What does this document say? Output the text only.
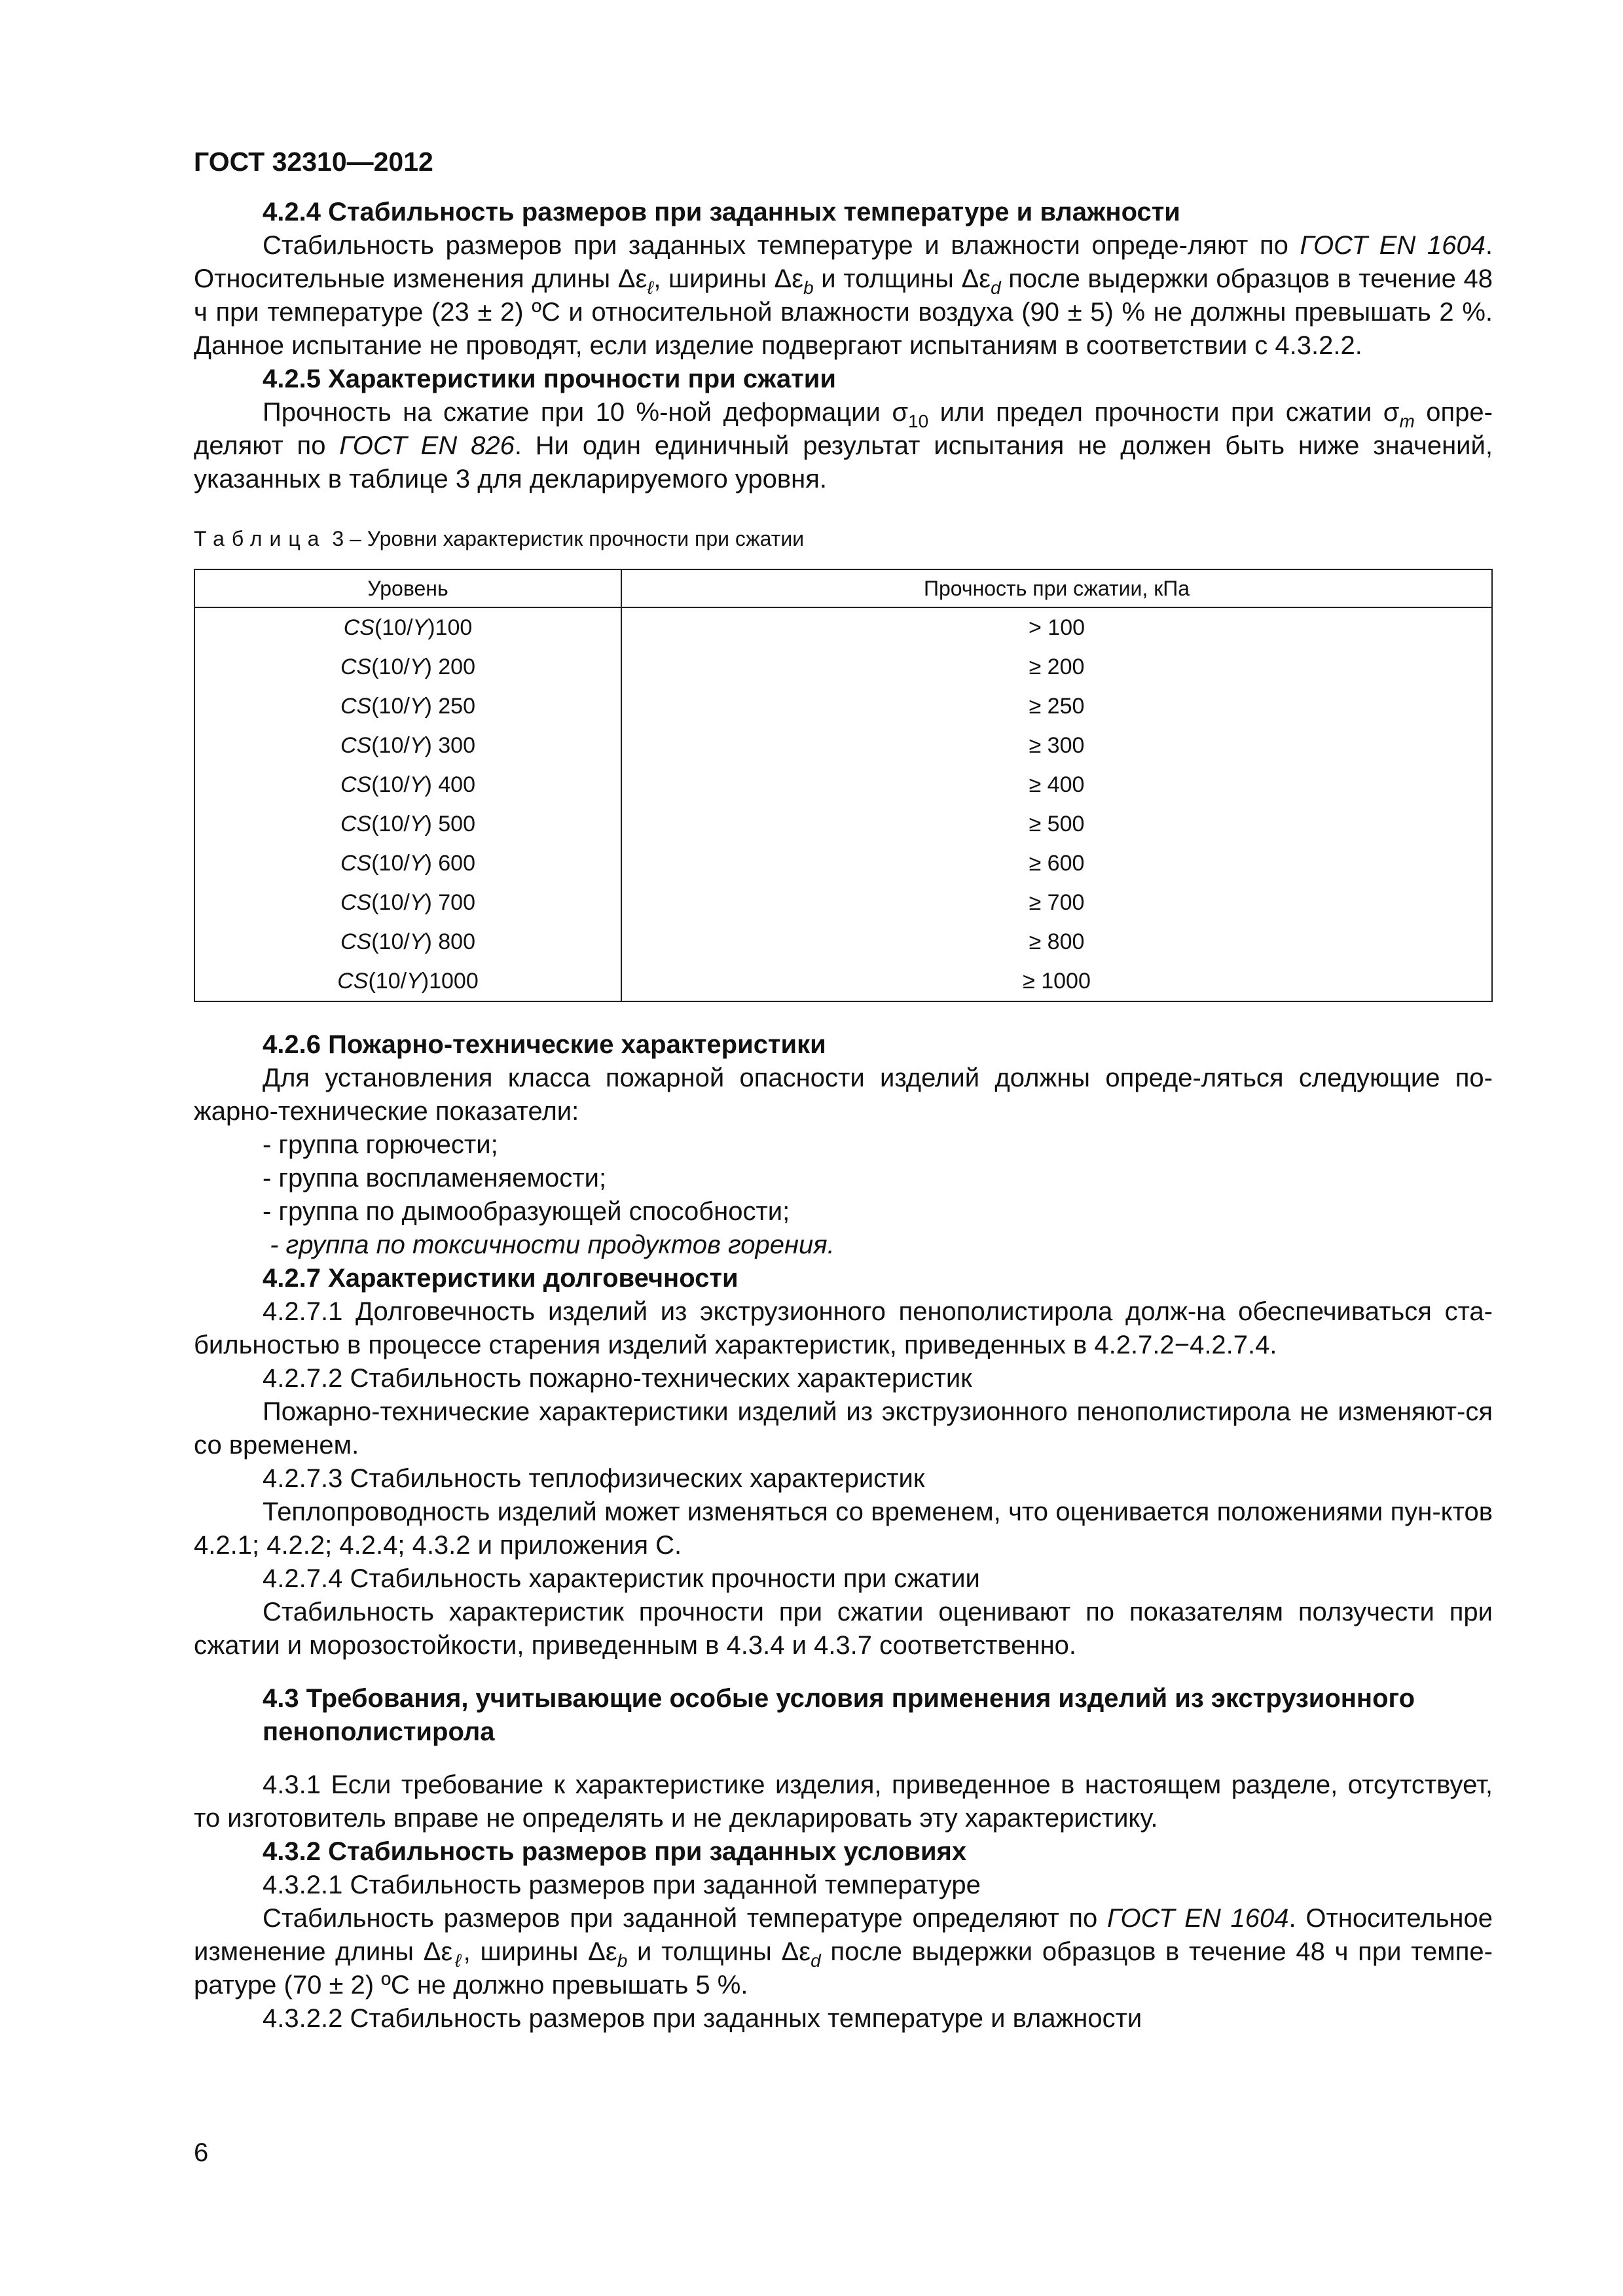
ГОСТ 32310—2012

4.2.4 Стабильность размеров при заданных температуре и влажности

Стабильность размеров при заданных температуре и влажности опреде-ляют по ГОСТ EN 1604. Относительные изменения длины $\Delta\varepsilon_\ell$, ширины $\Delta\varepsilon_b$ и толщины $\Delta\varepsilon_d$ после выдержки образцов в течение 48 ч при температуре (23 ± 2) ºС и относительной влажности воздуха (90 ± 5) % не должны превышать 2 %. Данное испытание не проводят, если изделие подвергают испытаниям в соответствии с 4.3.2.2.

4.2.5 Характеристики прочности при сжатии

Прочность на сжатие при 10 %-ной деформации $\sigma_{10}$ или предел прочности при сжатии $\sigma_m$ опре-деляют по ГОСТ EN 826. Ни один единичный результат испытания не должен быть ниже значений, указанных в таблице 3 для декларируемого уровня.

Таблица 3 – Уровни характеристик прочности при сжатии
Уровень	Прочность при сжатии, кПа
CS(10/Y)100	> 100
CS(10/Y) 200	≥ 200
CS(10/Y) 250	≥ 250
CS(10/Y) 300	≥ 300
CS(10/Y) 400	≥ 400
CS(10/Y) 500	≥ 500
CS(10/Y) 600	≥ 600
CS(10/Y) 700	≥ 700
CS(10/Y) 800	≥ 800
CS(10/Y)1000	≥ 1000

4.2.6 Пожарно-технические характеристики

Для установления класса пожарной опасности изделий должны опреде-ляться следующие по-жарно-технические показатели:

- группа горючести;
- группа воспламеняемости;
- группа по дымообразующей способности;
- группа по токсичности продуктов горения.

4.2.7 Характеристики долговечности

4.2.7.1 Долговечность изделий из экструзионного пенополистирола долж-на обеспечиваться ста-бильностью в процессе старения изделий характеристик, приведенных в 4.2.7.2−4.2.7.4.

4.2.7.2 Стабильность пожарно-технических характеристик

Пожарно-технические характеристики изделий из экструзионного пенополистирола не изменяют-ся со временем.

4.2.7.3 Стабильность теплофизических характеристик

Теплопроводность изделий может изменяться со временем, что оценивается положениями пун-ктов 4.2.1; 4.2.2; 4.2.4; 4.3.2 и приложения С.

4.2.7.4 Стабильность характеристик прочности при сжатии

Стабильность характеристик прочности при сжатии оценивают по показателям ползучести при сжатии и морозостойкости, приведенным в 4.3.4 и 4.3.7 соответственно.

4.3 Требования, учитывающие особые условия применения изделий из экструзионного пенополистирола

4.3.1 Если требование к характеристике изделия, приведенное в настоящем разделе, отсутствует, то изготовитель вправе не определять и не декларировать эту характеристику.

4.3.2 Стабильность размеров при заданных условиях

4.3.2.1 Стабильность размеров при заданной температуре

Стабильность размеров при заданной температуре определяют по ГОСТ EN 1604. Относительное изменение длины $\Delta\varepsilon_\ell$, ширины $\Delta\varepsilon_b$ и толщины $\Delta\varepsilon_d$ после выдержки образцов в течение 48 ч при темпе-ратуре (70 ± 2) ºС не должно превышать 5 %.

4.3.2.2 Стабильность размеров при заданных температуре и влажности

6
